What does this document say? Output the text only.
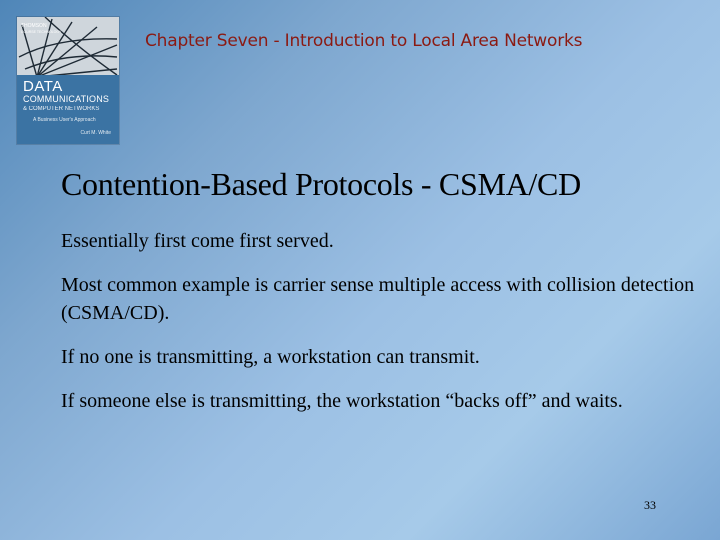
THOMSON
COURSE TECHNOLOGY
DATA
COMMUNICATIONS
& COMPUTER NETWORKS
A Business User's Approach
Curt M. White
Chapter Seven - Introduction to Local Area Networks
Contention-Based Protocols - CSMA/CD
Essentially first come first served.
Most common example is carrier sense multiple access with collision detection (CSMA/CD).
If no one is transmitting, a workstation can transmit.
If someone else is transmitting, the workstation “backs off” and waits.
33
